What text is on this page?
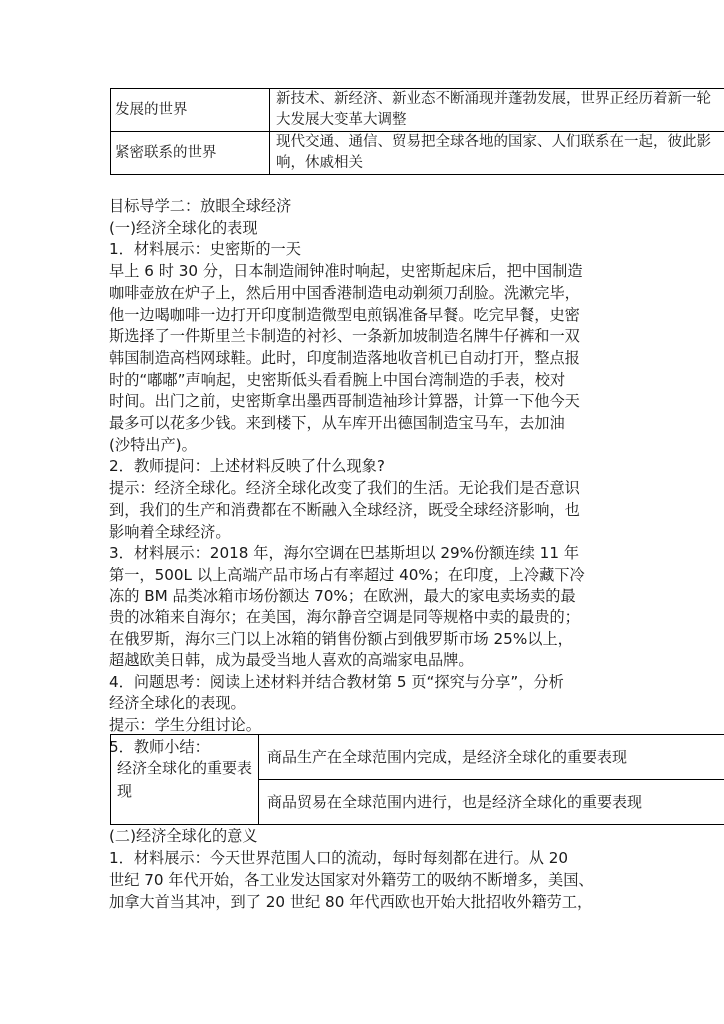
发展的世界	新技术、新经济、新业态不断涌现并蓬勃发展，世界正经历着新一轮大发展大变革大调整
紧密联系的世界	现代交通、通信、贸易把全球各地的国家、人们联系在一起，彼此影响，休戚相关

目标导学二：放眼全球经济

(一)经济全球化的表现

1．材料展示：史密斯的一天

早上 6 时 30 分，日本制造闹钟准时响起，史密斯起床后，把中国制造

咖啡壶放在炉子上，然后用中国香港制造电动剃须刀刮脸。洗漱完毕，

他一边喝咖啡一边打开印度制造微型电煎锅准备早餐。吃完早餐，史密

斯选择了一件斯里兰卡制造的衬衫、一条新加坡制造名牌牛仔裤和一双

韩国制造高档网球鞋。此时，印度制造落地收音机已自动打开，整点报

时的“嘟嘟”声响起，史密斯低头看看腕上中国台湾制造的手表，校对

时间。出门之前，史密斯拿出墨西哥制造袖珍计算器，计算一下他今天

最多可以花多少钱。来到楼下，从车库开出德国制造宝马车，去加油

(沙特出产)。

2．教师提问：上述材料反映了什么现象?

提示：经济全球化。经济全球化改变了我们的生活。无论我们是否意识

到，我们的生产和消费都在不断融入全球经济，既受全球经济影响，也

影响着全球经济。

3．材料展示：2018 年，海尔空调在巴基斯坦以 29%份额连续 11 年

第一，500L 以上高端产品市场占有率超过 40%；在印度，上冷藏下冷

冻的 BM 品类冰箱市场份额达 70%；在欧洲，最大的家电卖场卖的最

贵的冰箱来自海尔；在美国，海尔静音空调是同等规格中卖的最贵的；

在俄罗斯，海尔三门以上冰箱的销售份额占到俄罗斯市场 25%以上，

超越欧美日韩，成为最受当地人喜欢的高端家电品牌。

4．问题思考：阅读上述材料并结合教材第 5 页“探究与分享”，分析

经济全球化的表现。

提示：学生分组讨论。

5．教师小结：

经济全球化的重要表现	商品生产在全球范围内完成，是经济全球化的重要表现
商品贸易在全球范围内进行，也是经济全球化的重要表现

(二)经济全球化的意义

1．材料展示：今天世界范围人口的流动，每时每刻都在进行。从 20

世纪 70 年代开始，各工业发达国家对外籍劳工的吸纳不断增多，美国、

加拿大首当其冲，到了 20 世纪 80 年代西欧也开始大批招收外籍劳工，
